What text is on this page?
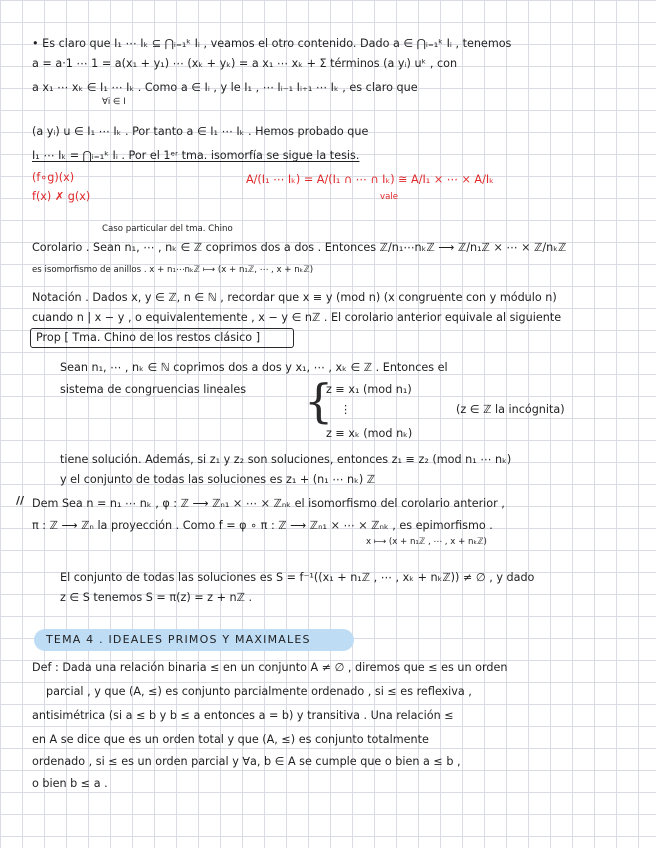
• Es claro que I₁ ⋯ Iₖ ⊆ ⋂ᵢ₌₁ᵏ Iᵢ , veamos el otro contenido. Dado a ∈ ⋂ᵢ₌₁ᵏ Iᵢ , tenemos
a = a·1 ⋯ 1 = a(x₁ + y₁) ⋯ (xₖ + yₖ) = a x₁ ⋯ xₖ + Σ términos (a yᵢ) uᵏ , con
a x₁ ⋯ xₖ ∈ I₁ ⋯ Iₖ . Como a ∈ Iᵢ , y le I₁ , ⋯ Iᵢ₋₁ Iᵢ₊₁ ⋯ Iₖ , es claro que
∀i ∈ I
(a yᵢ) u ∈ I₁ ⋯ Iₖ . Por tanto a ∈ I₁ ⋯ Iₖ . Hemos probado que
I₁ ⋯ Iₖ = ⋂ᵢ₌₁ᵏ Iᵢ . Por el 1ᵉʳ tma. isomorfía se sigue la tesis.
(f∘g)(x)
f(x) ✗ g(x)
A/(I₁ ⋯ Iₖ) = A/(I₁ ∩ ⋯ ∩ Iₖ) ≅ A/I₁ × ⋯ × A/Iₖ
vale
Caso particular del tma. Chino
Corolario . Sean n₁, ⋯ , nₖ ∈ ℤ coprimos dos a dos . Entonces ℤ/n₁⋯nₖℤ ⟶ ℤ/n₁ℤ × ⋯ × ℤ/nₖℤ
es isomorfismo de anillos . x + n₁⋯nₖℤ ⟼ (x + n₁ℤ, ⋯ , x + nₖℤ)
Notación . Dados x, y ∈ ℤ, n ∈ ℕ , recordar que x ≡ y (mod n) (x congruente con y módulo n)
cuando n | x − y , o equivalentemente , x − y ∈ nℤ . El corolario anterior equivale al siguiente
Prop [ Tma. Chino de los restos clásico ]
Sean n₁, ⋯ , nₖ ∈ ℕ coprimos dos a dos y x₁, ⋯ , xₖ ∈ ℤ . Entonces el
sistema de congruencias lineales	{
z ≡ x₁ (mod n₁)
⋮
z ≡ xₖ (mod nₖ)
(z ∈ ℤ la incógnita)
tiene solución. Además, si z₁ y z₂ son soluciones, entonces z₁ ≡ z₂ (mod n₁ ⋯ nₖ)
y el conjunto de todas las soluciones es z₁ + (n₁ ⋯ nₖ) ℤ
// Dem Sea n = n₁ ⋯ nₖ , φ : ℤ ⟶ ℤₙ₁ × ⋯ × ℤₙₖ el isomorfismo del corolario anterior ,
π : ℤ ⟶ ℤₙ la proyección . Como f = φ ∘ π : ℤ ⟶ ℤₙ₁ × ⋯ × ℤₙₖ , es epimorfismo .
x ⟼ (x + n₁ℤ , ⋯ , x + nₖℤ)
El conjunto de todas las soluciones es S = f⁻¹((x₁ + n₁ℤ , ⋯ , xₖ + nₖℤ)) ≠ ∅ , y dado
z ∈ S tenemos S = π(z) = z + nℤ .
TEMA 4 . IDEALES PRIMOS Y MAXIMALES
Def : Dada una relación binaria ≤ en un conjunto A ≠ ∅ , diremos que ≤ es un orden
parcial , y que (A, ≤) es conjunto parcialmente ordenado , si ≤ es reflexiva ,
antisimétrica (si a ≤ b y b ≤ a entonces a = b) y transitiva . Una relación ≤
en A se dice que es un orden total y que (A, ≤) es conjunto totalmente
ordenado , si ≤ es un orden parcial y ∀a, b ∈ A se cumple que o bien a ≤ b ,
o bien b ≤ a .
